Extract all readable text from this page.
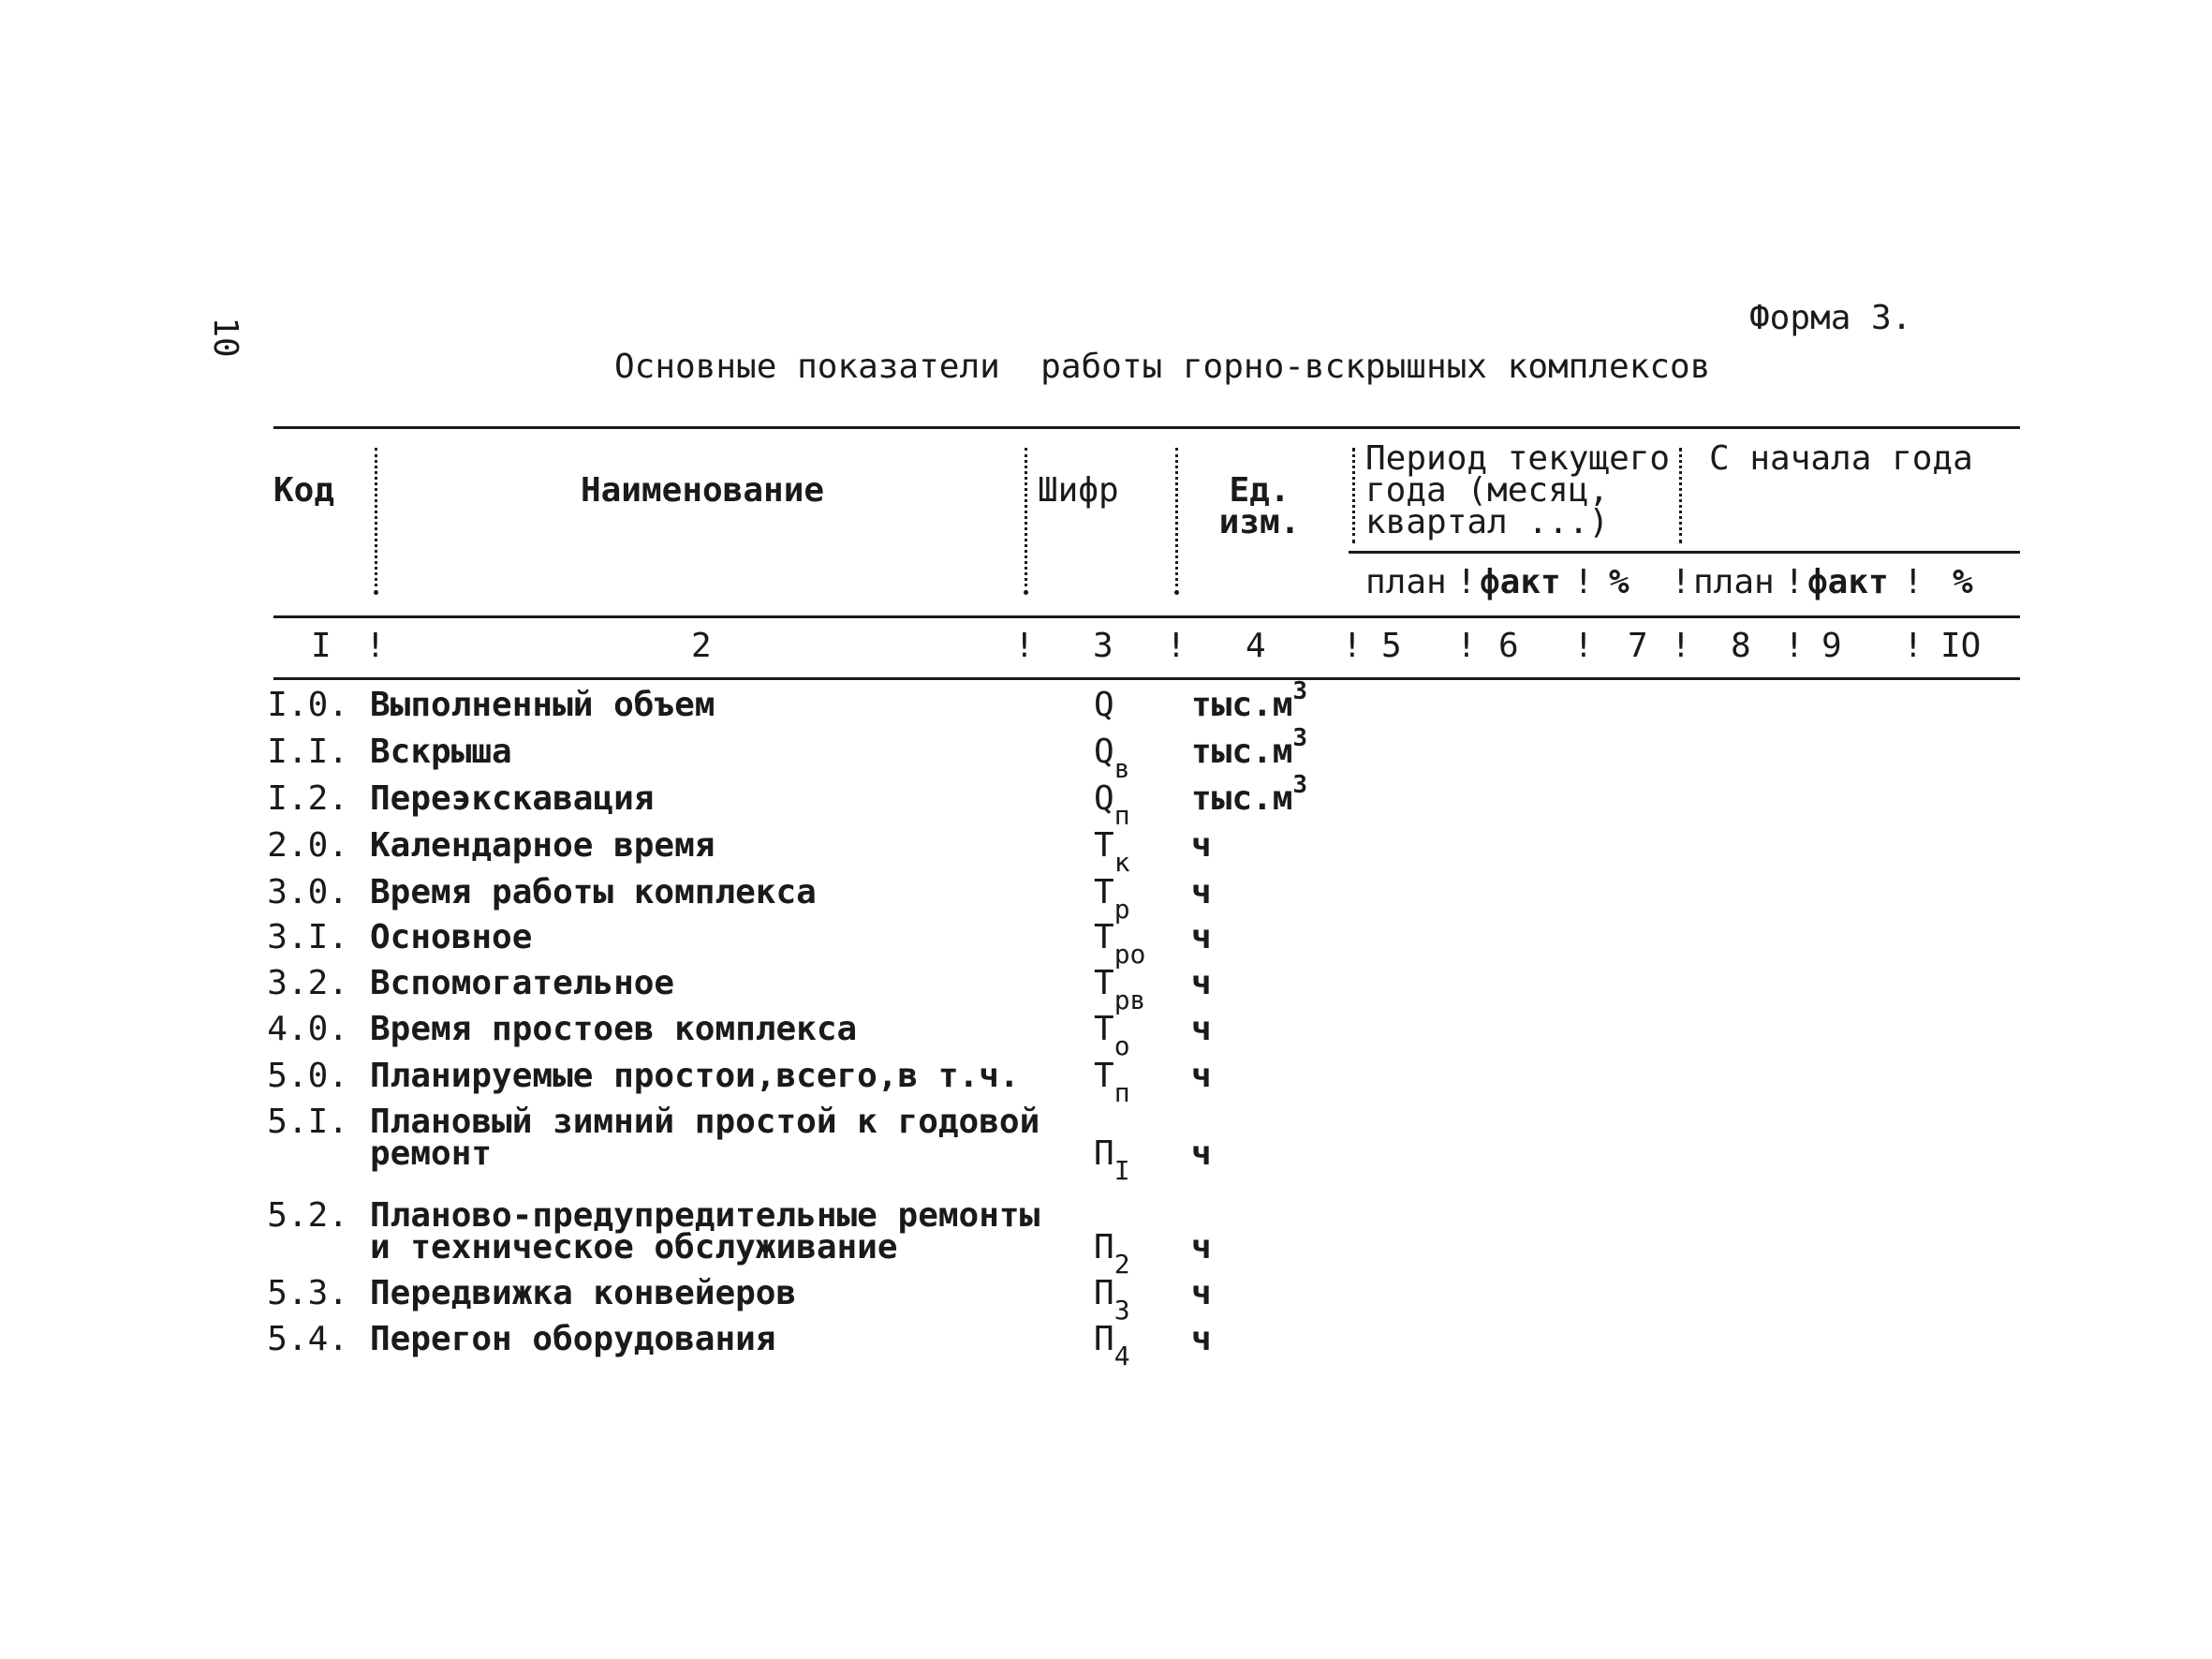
10	Форма 3.
Основные показатели  работы горно-вскрышных комплексов
Код	Наименование	Шифр	Ед.
изм.
Период текущего
года (месяц,
квартал ...)
С начала года
план ! факт ! % ! план ! факт ! %
I !	2	! 3 ! 4 ! 5 ! 6 ! 7 ! 8 ! 9 ! IO
I.0. Выполненный объем	Q $тыс.м^3$
I.I. Вскрыша	$Q_в$ $тыс.м^3$
I.2. Переэкскавация	$Q_п$ $тыс.м^3$
2.0. Календарное время	$T_к$ ч
3.0. Время работы комплекса	$T_р$ ч
3.I. Основное	$T_{ро}$ ч
3.2. Вспомогательное	$T_{рв}$ ч
4.0. Время простоев комплекса	$T_о$ ч
5.0. Планируемые простои,всего,в т.ч. $T_п$ ч
5.I. Плановый зимний простой к годовой
ремонт	$П_I$ ч
5.2. Планово-предупредительные ремонты
и техническое обслуживание	$П_2$ ч
5.3. Передвижка конвейеров	$П_3$ ч
5.4. Перегон оборудования	$П_4$ ч
